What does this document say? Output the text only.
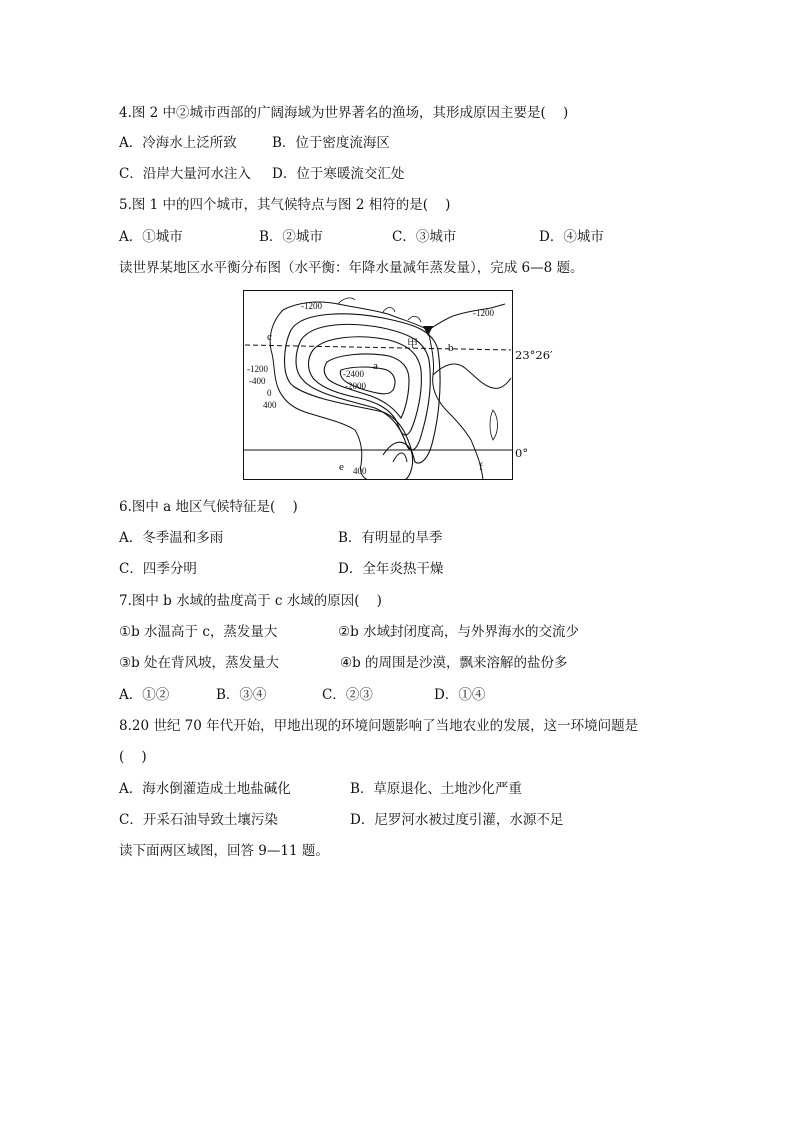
4.图 2 中②城市西部的广阔海域为世界著名的渔场，其形成原因主要是(    )
A．冷海水上泛所致	B．位于密度流海区
C．沿岸大量河水注入 D．位于寒暖流交汇处
5.图 1 中的四个城市，其气候特点与图 2 相符的是(    )
A．①城市	B．②城市	C．③城市	D．④城市
读世界某地区水平衡分布图（水平衡：年降水量减年蒸发量），完成 6—8 题。
-1200
-1200
-1200
-400
0
400
-2400
-2000
400
a
b
c
e	f
甲
23°26′
0°
6.图中 a 地区气候特征是(    )
A．冬季温和多雨	B．有明显的旱季
C．四季分明	D．全年炎热干燥
7.图中 b 水域的盐度高于 c 水域的原因(    )
①b 水温高于 c，蒸发量大	②b 水域封闭度高，与外界海水的交流少
③b 处在背风坡，蒸发量大	④b 的周围是沙漠，飘来溶解的盐份多
A．①②	B．③④	C．②③	D．①④
8.20 世纪 70 年代开始，甲地出现的环境问题影响了当地农业的发展，这一环境问题是
(    )
A．海水倒灌造成土地盐碱化	B．草原退化、土地沙化严重
C．开采石油导致土壤污染	D．尼罗河水被过度引灌，水源不足
读下面两区域图，回答 9—11 题。
